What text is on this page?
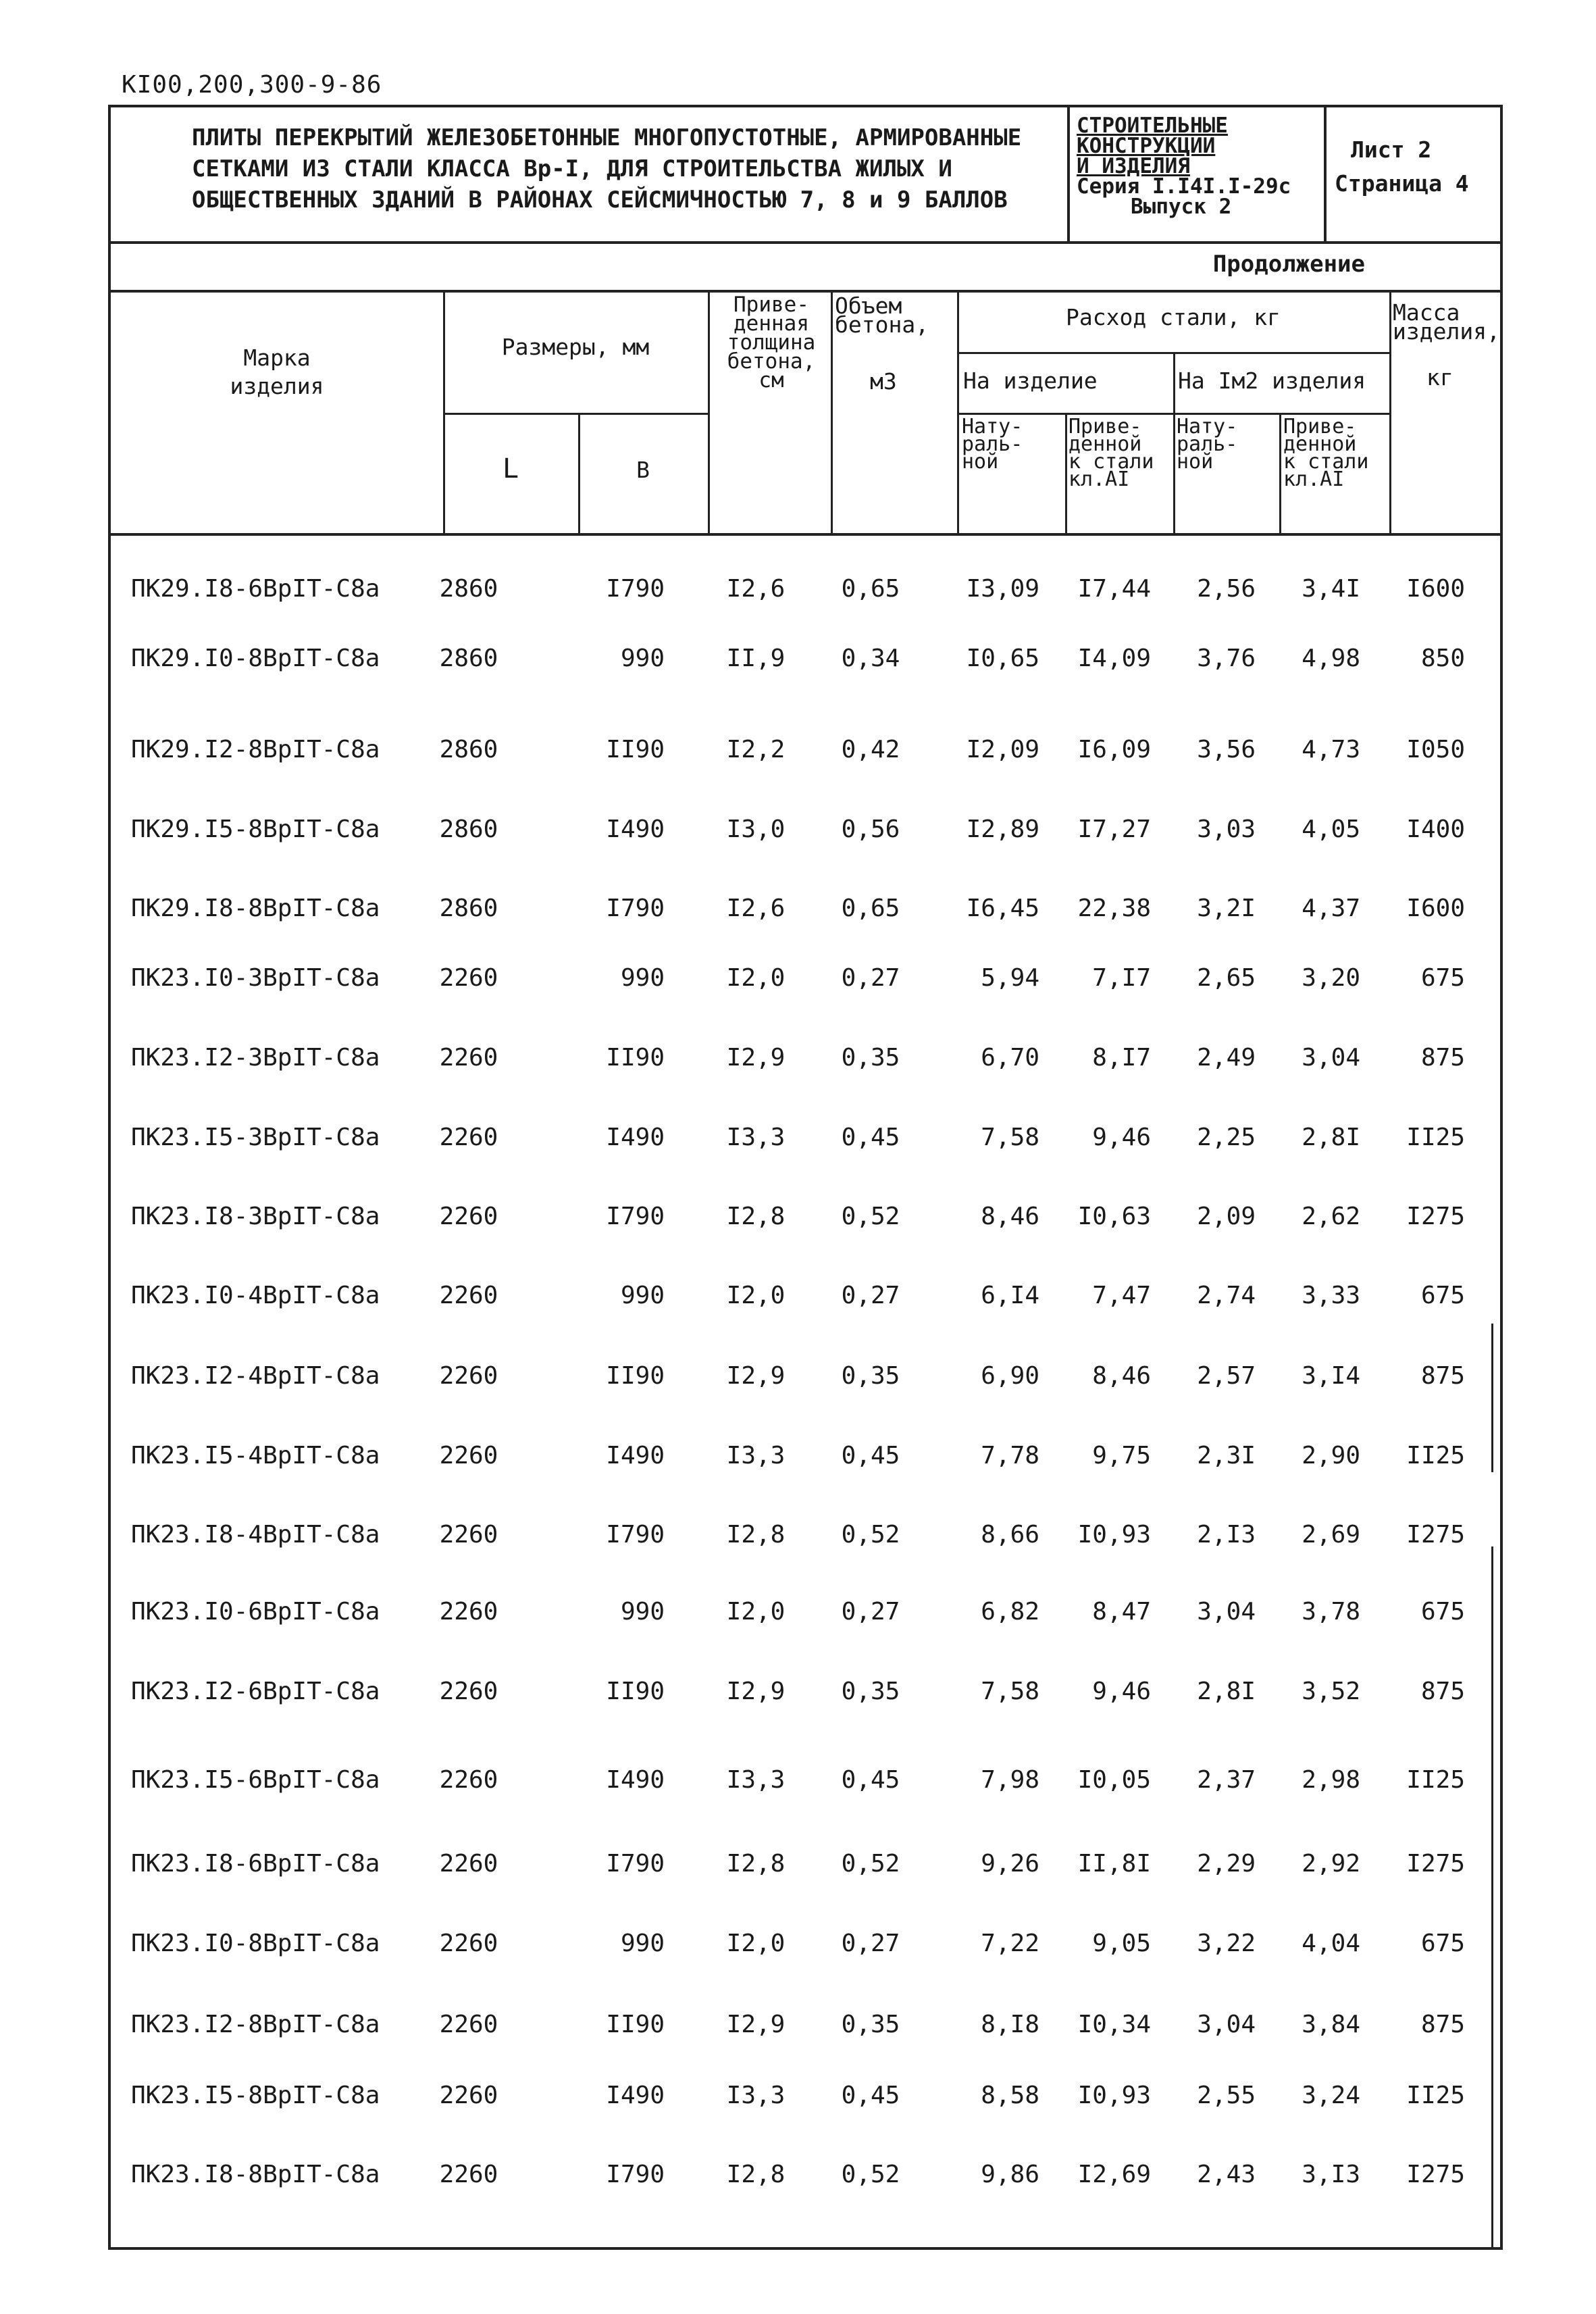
КI00,200,300-9-86
ПЛИТЫ ПЕРЕКРЫТИЙ ЖЕЛЕЗОБЕТОННЫЕ МНОГОПУСТОТНЫЕ, АРМИРОВАННЫЕ
СЕТКАМИ ИЗ СТАЛИ КЛАССА Вр-I, ДЛЯ СТРОИТЕЛЬСТВА ЖИЛЫХ И
ОБЩЕСТВЕННЫХ ЗДАНИЙ В РАЙОНАХ СЕЙСМИЧНОСТЬЮ 7, 8 и 9 БАЛЛОВ
СТРОИТЕЛЬНЫЕ
КОНСТРУКЦИИ
И ИЗДЕЛИЯ
Серия I.I4I.I-29с
Выпуск 2
Лист 2
Страница 4
Продолжение
Марка
изделия
Размеры, мм
L	В
Приве-
денная
толщина
бетона,
см
Объем
бетона,
м3
Расход стали, кг
На изделие	На Iм2 изделия
Нату-
раль-
ной
Приве-
денной
к стали
кл.АI
Нату-
раль-
ной
Приве-
денной
к стали
кл.АI
Масса
изделия,
кг
ПК29.I8-6ВрIТ-С8а	2860	I790	I2,6	0,65	I3,09	I7,44	2,56	3,4I	I600
ПК29.I0-8ВрIТ-С8а	2860	990	II,9	0,34	I0,65	I4,09	3,76	4,98	850
ПК29.I2-8ВрIТ-С8а	2860	II90	I2,2	0,42	I2,09	I6,09	3,56	4,73	I050
ПК29.I5-8ВрIТ-С8а	2860	I490	I3,0	0,56	I2,89	I7,27	3,03	4,05	I400
ПК29.I8-8ВрIТ-С8а	2860	I790	I2,6	0,65	I6,45	22,38	3,2I	4,37	I600
ПК23.I0-3ВрIТ-С8а	2260	990	I2,0	0,27	5,94	7,I7	2,65	3,20	675
ПК23.I2-3ВрIТ-С8а	2260	II90	I2,9	0,35	6,70	8,I7	2,49	3,04	875
ПК23.I5-3ВрIТ-С8а	2260	I490	I3,3	0,45	7,58	9,46	2,25	2,8I	II25
ПК23.I8-3ВрIТ-С8а	2260	I790	I2,8	0,52	8,46	I0,63	2,09	2,62	I275
ПК23.I0-4ВрIТ-С8а	2260	990	I2,0	0,27	6,I4	7,47	2,74	3,33	675
ПК23.I2-4ВрIТ-С8а	2260	II90	I2,9	0,35	6,90	8,46	2,57	3,I4	875
ПК23.I5-4ВрIТ-С8а	2260	I490	I3,3	0,45	7,78	9,75	2,3I	2,90	II25
ПК23.I8-4ВрIТ-С8а	2260	I790	I2,8	0,52	8,66	I0,93	2,I3	2,69	I275
ПК23.I0-6ВрIТ-С8а	2260	990	I2,0	0,27	6,82	8,47	3,04	3,78	675
ПК23.I2-6ВрIТ-С8а	2260	II90	I2,9	0,35	7,58	9,46	2,8I	3,52	875
ПК23.I5-6ВрIТ-С8а	2260	I490	I3,3	0,45	7,98	I0,05	2,37	2,98	II25
ПК23.I8-6ВрIТ-С8а	2260	I790	I2,8	0,52	9,26	II,8I	2,29	2,92	I275
ПК23.I0-8ВрIТ-С8а	2260	990	I2,0	0,27	7,22	9,05	3,22	4,04	675
ПК23.I2-8ВрIТ-С8а	2260	II90	I2,9	0,35	8,I8	I0,34	3,04	3,84	875
ПК23.I5-8ВрIТ-С8а	2260	I490	I3,3	0,45	8,58	I0,93	2,55	3,24	II25
ПК23.I8-8ВрIТ-С8а	2260	I790	I2,8	0,52	9,86	I2,69	2,43	3,I3	I275
